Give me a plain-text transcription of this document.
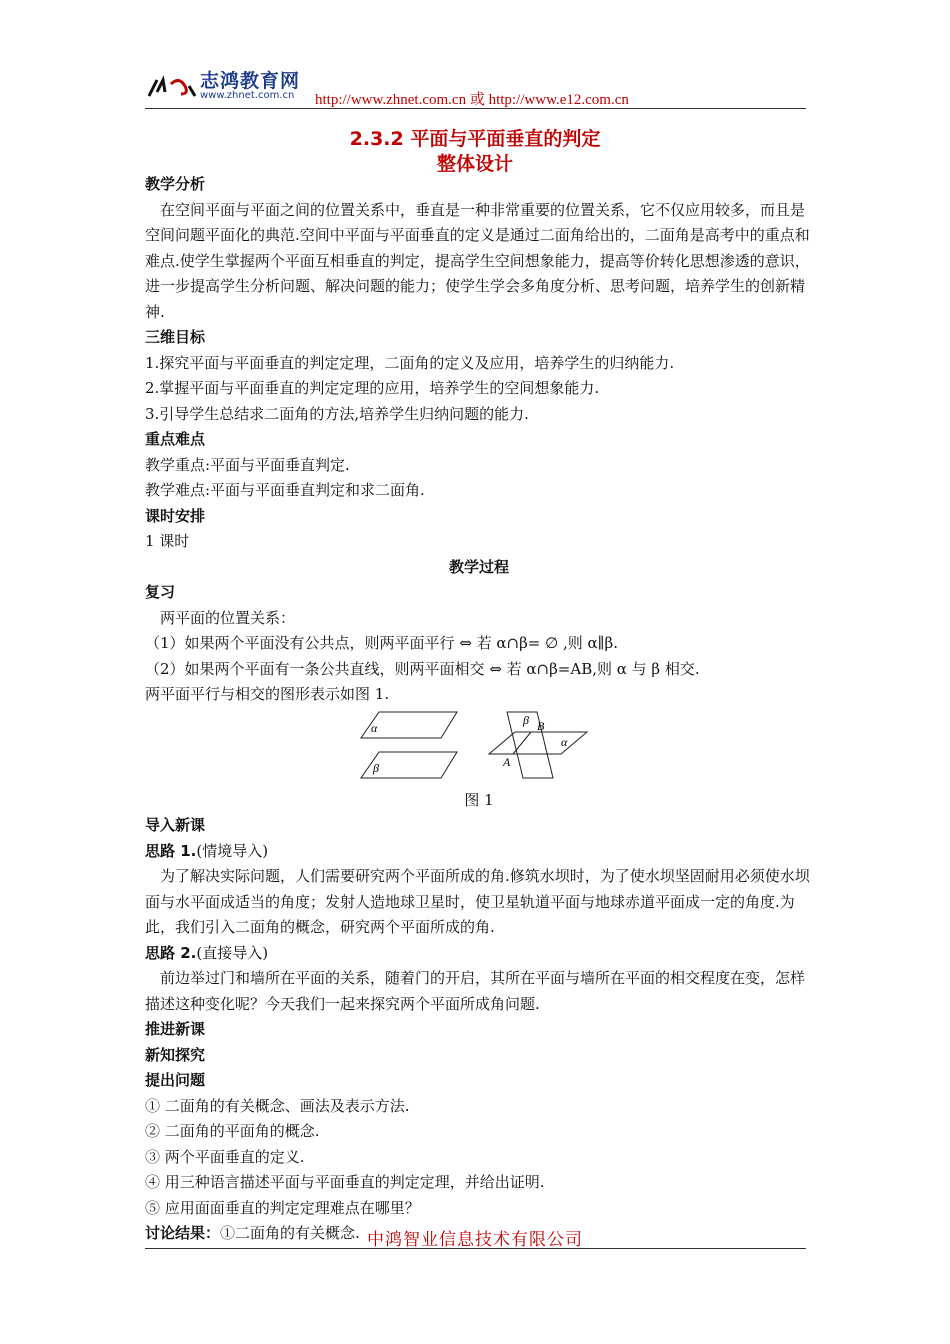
志鸿教育网
www.zhnet.com.cn http://www.zhnet.com.cn 或 http://www.e12.com.cn
2.3.2 平面与平面垂直的判定
整体设计

教学分析

在空间平面与平面之间的位置关系中，垂直是一种非常重要的位置关系，它不仅应用较多，而且是空间问题平面化的典范.空间中平面与平面垂直的定义是通过二面角给出的，二面角是高考中的重点和难点.使学生掌握两个平面互相垂直的判定，提高学生空间想象能力，提高等价转化思想渗透的意识，进一步提高学生分析问题、解决问题的能力；使学生学会多角度分析、思考问题，培养学生的创新精神.

三维目标

1.探究平面与平面垂直的判定定理，二面角的定义及应用，培养学生的归纳能力.

2.掌握平面与平面垂直的判定定理的应用，培养学生的空间想象能力.

3.引导学生总结求二面角的方法,培养学生归纳问题的能力.

重点难点

教学重点:平面与平面垂直判定.

教学难点:平面与平面垂直判定和求二面角.

课时安排

1 课时

教学过程

复习

两平面的位置关系：

（1）如果两个平面没有公共点，则两平面平行 ⇔ 若 α∩β= ∅ ,则 α∥β.

（2）如果两个平面有一条公共直线，则两平面相交 ⇔ 若 α∩β=AB,则 α 与 β 相交.

两平面平行与相交的图形表示如图 1.

α
β
β B
α
A

图 1

导入新课

思路 1.(情境导入)

为了解决实际问题，人们需要研究两个平面所成的角.修筑水坝时，为了使水坝坚固耐用必须使水坝面与水平面成适当的角度；发射人造地球卫星时，使卫星轨道平面与地球赤道平面成一定的角度.为此，我们引入二面角的概念，研究两个平面所成的角.

思路 2.(直接导入)

前边举过门和墙所在平面的关系，随着门的开启，其所在平面与墙所在平面的相交程度在变，怎样描述这种变化呢？今天我们一起来探究两个平面所成角问题.

推进新课

新知探究

提出问题

① 二面角的有关概念、画法及表示方法.

② 二面角的平面角的概念.

③ 两个平面垂直的定义.

④ 用三种语言描述平面与平面垂直的判定定理，并给出证明.

⑤ 应用面面垂直的判定定理难点在哪里？

讨论结果：①二面角的有关概念. 中鸿智业信息技术有限公司
